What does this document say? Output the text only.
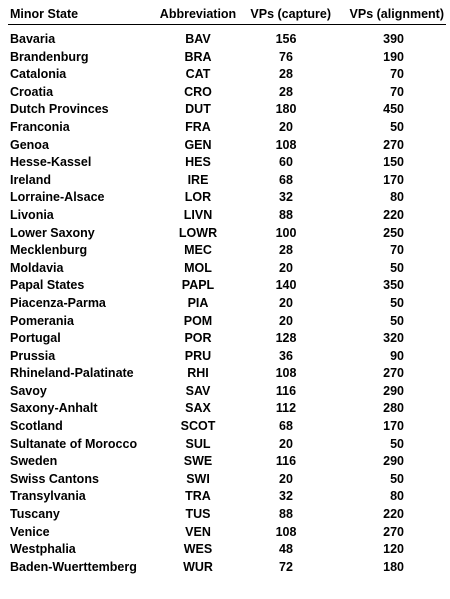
Minor State	Abbreviation	VPs (capture)	VPs (alignment)
Bavaria	BAV	156	390
Brandenburg	BRA	76	190
Catalonia	CAT	28	70
Croatia	CRO	28	70
Dutch Provinces	DUT	180	450
Franconia	FRA	20	50
Genoa	GEN	108	270
Hesse-Kassel	HES	60	150
Ireland	IRE	68	170
Lorraine-Alsace	LOR	32	80
Livonia	LIVN	88	220
Lower Saxony	LOWR	100	250
Mecklenburg	MEC	28	70
Moldavia	MOL	20	50
Papal States	PAPL	140	350
Piacenza-Parma	PIA	20	50
Pomerania	POM	20	50
Portugal	POR	128	320
Prussia	PRU	36	90
Rhineland-Palatinate	RHI	108	270
Savoy	SAV	116	290
Saxony-Anhalt	SAX	112	280
Scotland	SCOT	68	170
Sultanate of Morocco	SUL	20	50
Sweden	SWE	116	290
Swiss Cantons	SWI	20	50
Transylvania	TRA	32	80
Tuscany	TUS	88	220
Venice	VEN	108	270
Westphalia	WES	48	120
Baden-Wuerttemberg	WUR	72	180
